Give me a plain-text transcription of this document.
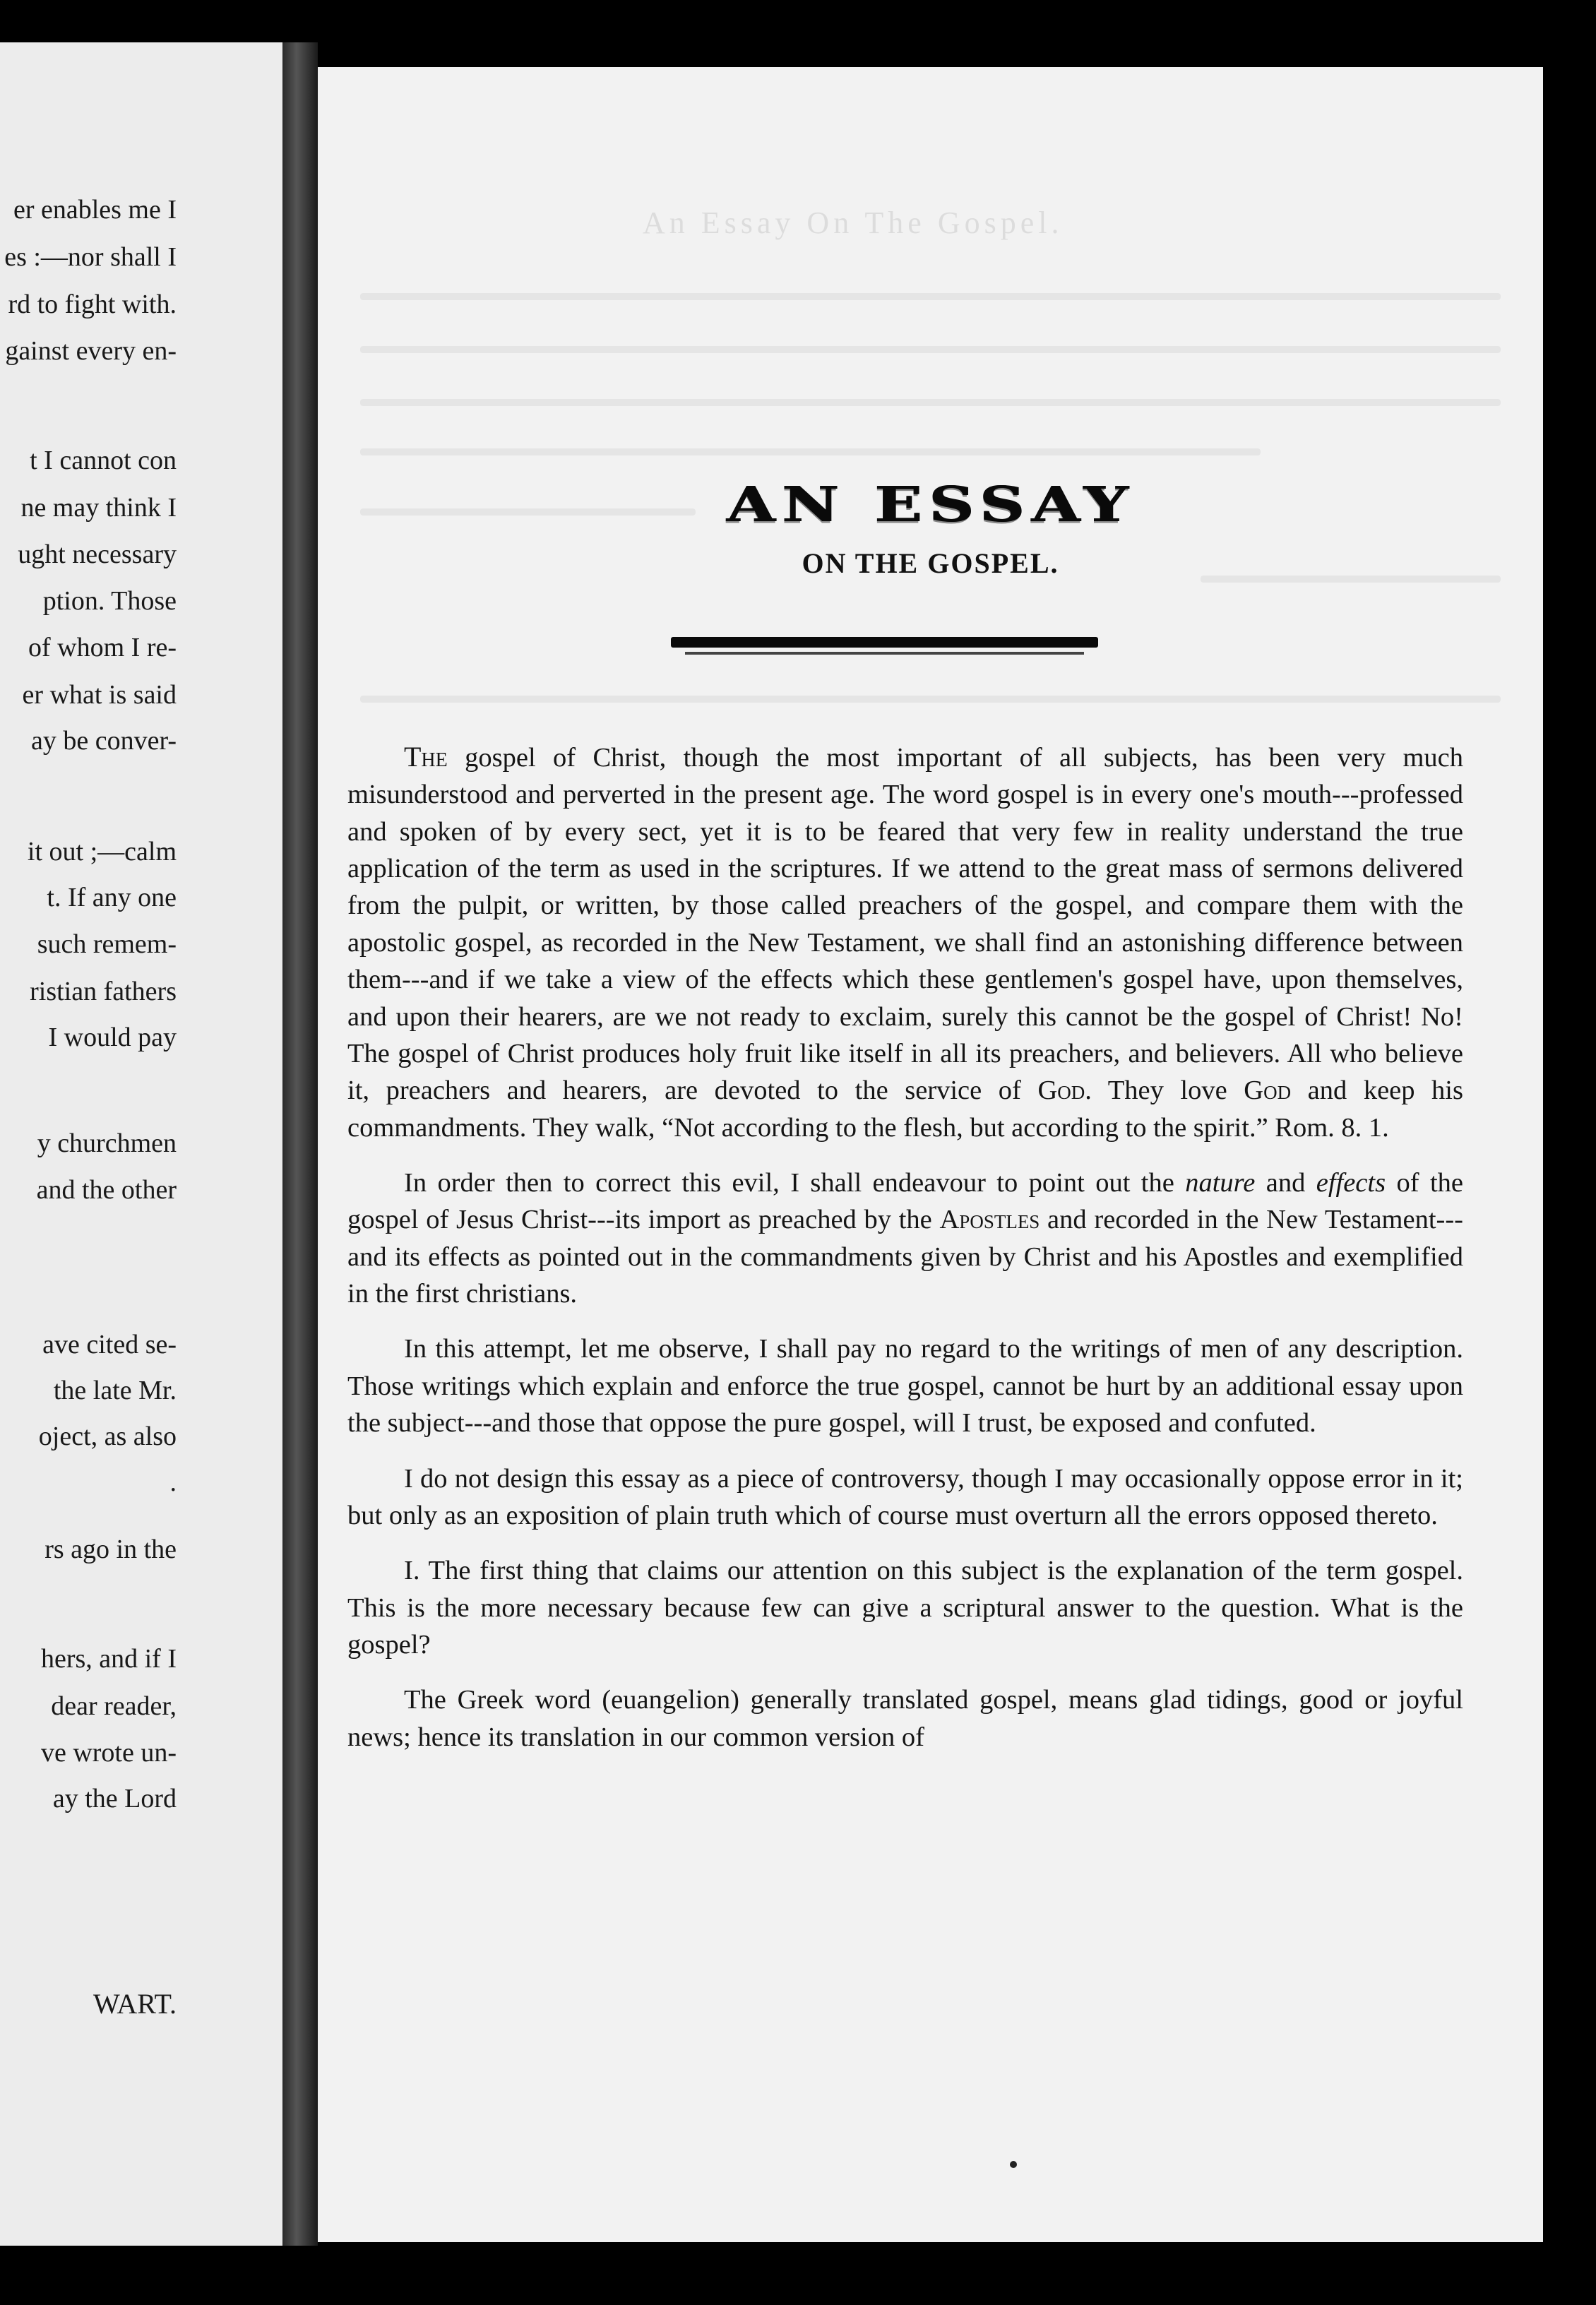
er enables me I
es :—nor shall I
rd to fight with.
gainst every en-
t I cannot con
ne may think I
ught necessary
ption. Those
of whom I re-
er what is said
ay be conver-
it out ;—calm
t. If any one
such remem-
ristian fathers
I would pay
y churchmen
and the other
ave cited se-
the late Mr.
oject, as also
.
rs ago in the
hers, and if I
dear reader,
ve wrote un-
ay the Lord
WART.
An Essay On The Gospel.
AN ESSAY
ON THE GOSPEL.

The gospel of Christ, though the most important of all subjects, has been very much misunderstood and perverted in the present age. The word gospel is in every one's mouth---professed and spoken of by every sect, yet it is to be feared that very few in reality understand the true application of the term as used in the scriptures. If we attend to the great mass of sermons delivered from the pulpit, or written, by those called preachers of the gospel, and compare them with the apostolic gospel, as recorded in the New Testament, we shall find an astonishing difference between them---and if we take a view of the effects which these gentlemen's gospel have, upon themselves, and upon their hearers, are we not ready to exclaim, surely this cannot be the gospel of Christ! No! The gospel of Christ produces holy fruit like itself in all its preachers, and believers. All who believe it, preachers and hearers, are devoted to the service of God. They love God and keep his commandments. They walk, “Not according to the flesh, but according to the spirit.” Rom. 8. 1.

In order then to correct this evil, I shall endeavour to point out the nature and effects of the gospel of Jesus Christ---its import as preached by the Apostles and recorded in the New Testament---and its effects as pointed out in the commandments given by Christ and his Apostles and exemplified in the first christians.

In this attempt, let me observe, I shall pay no regard to the writings of men of any description. Those writings which explain and enforce the true gospel, cannot be hurt by an additional essay upon the subject---and those that oppose the pure gospel, will I trust, be exposed and confuted.

I do not design this essay as a piece of controversy, though I may occasionally oppose error in it; but only as an exposition of plain truth which of course must overturn all the errors opposed thereto.

I. The first thing that claims our attention on this subject is the explanation of the term gospel. This is the more necessary because few can give a scriptural answer to the question. What is the gospel?

The Greek word (euangelion) generally translated gospel, means glad tidings, good or joyful news; hence its translation in our common version of
